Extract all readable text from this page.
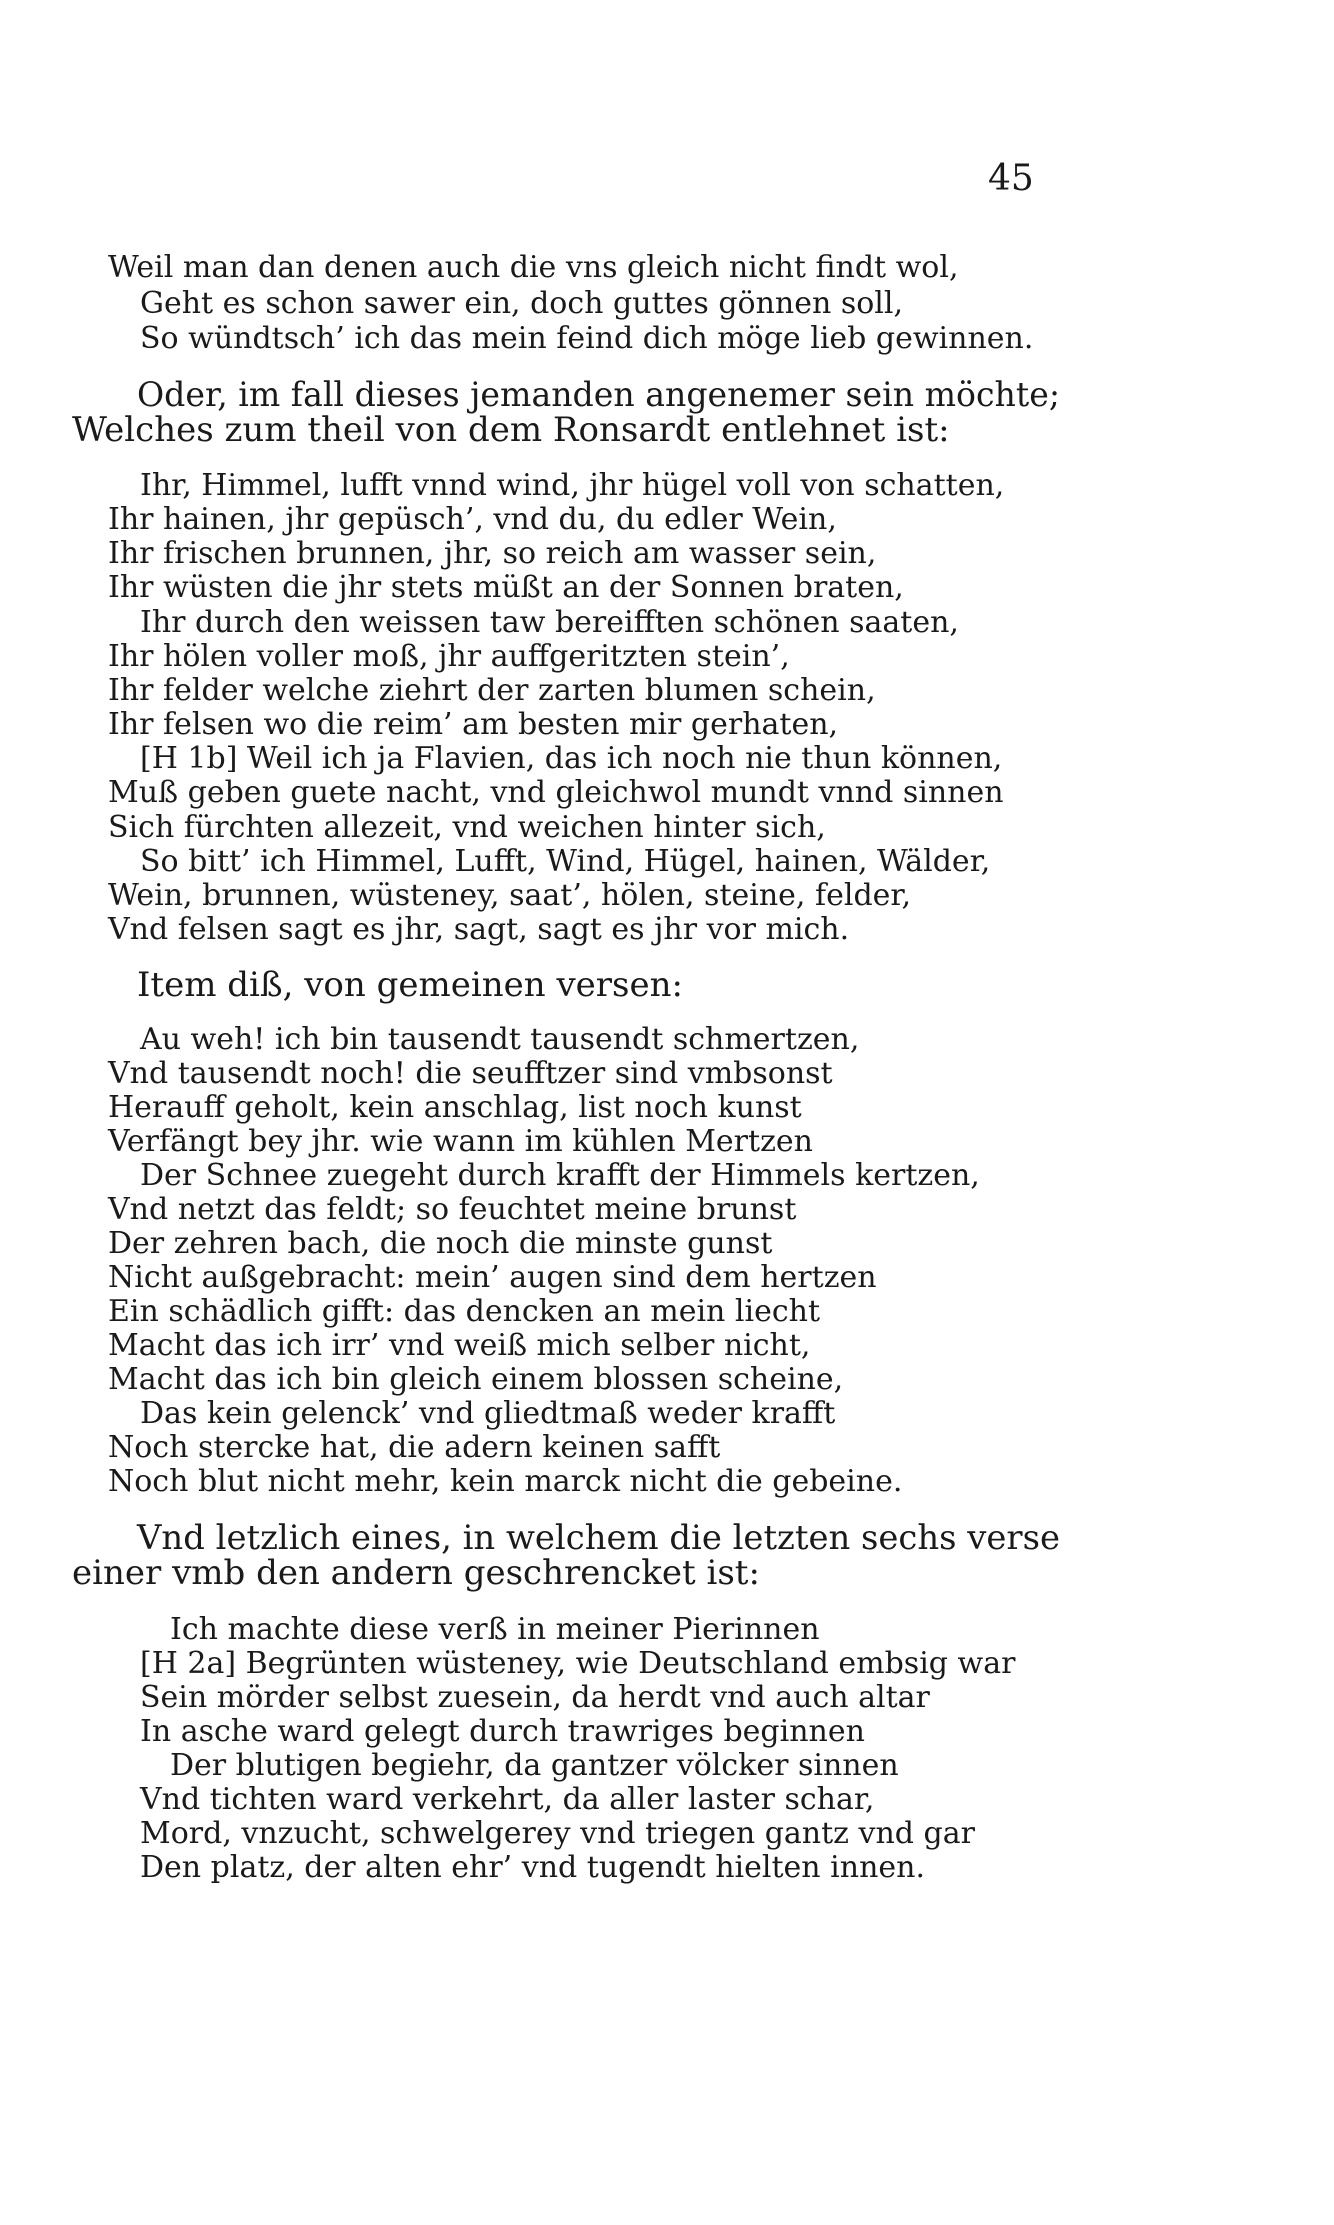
45
Weil man dan denen auch die vns gleich nicht findt wol,
Geht es schon sawer ein, doch guttes gönnen soll,
So wündtsch’ ich das mein feind dich möge lieb gewinnen.
Oder, im fall dieses jemanden angenemer sein möchte;
Welches zum theil von dem Ronsardt entlehnet ist:
Ihr, Himmel, lufft vnnd wind, jhr hügel voll von schatten,
Ihr hainen, jhr gepüsch’, vnd du, du edler Wein,
Ihr frischen brunnen, jhr, so reich am wasser sein,
Ihr wüsten die jhr stets müßt an der Sonnen braten,
Ihr durch den weissen taw bereifften schönen saaten,
Ihr hölen voller moß, jhr auffgeritzten stein’,
Ihr felder welche ziehrt der zarten blumen schein,
Ihr felsen wo die reim’ am besten mir gerhaten,
[H 1b] Weil ich ja Flavien, das ich noch nie thun können,
Muß geben guete nacht, vnd gleichwol mundt vnnd sinnen
Sich fürchten allezeit, vnd weichen hinter sich,
So bitt’ ich Himmel, Lufft, Wind, Hügel, hainen, Wälder,
Wein, brunnen, wüsteney, saat’, hölen, steine, felder,
Vnd felsen sagt es jhr, sagt, sagt es jhr vor mich.
Item diß, von gemeinen versen:
Au weh! ich bin tausendt tausendt schmertzen,
Vnd tausendt noch! die seufftzer sind vmbsonst
Herauff geholt, kein anschlag, list noch kunst
Verfängt bey jhr. wie wann im kühlen Mertzen
Der Schnee zuegeht durch krafft der Himmels kertzen,
Vnd netzt das feldt; so feuchtet meine brunst
Der zehren bach, die noch die minste gunst
Nicht außgebracht: mein’ augen sind dem hertzen
Ein schädlich gifft: das dencken an mein liecht
Macht das ich irr’ vnd weiß mich selber nicht,
Macht das ich bin gleich einem blossen scheine,
Das kein gelenck’ vnd gliedtmaß weder krafft
Noch stercke hat, die adern keinen safft
Noch blut nicht mehr, kein marck nicht die gebeine.
Vnd letzlich eines, in welchem die letzten sechs verse
einer vmb den andern geschrencket ist:
Ich machte diese verß in meiner Pierinnen
[H 2a] Begrünten wüsteney, wie Deutschland embsig war
Sein mörder selbst zuesein, da herdt vnd auch altar
In asche ward gelegt durch trawriges beginnen
Der blutigen begiehr, da gantzer völcker sinnen
Vnd tichten ward verkehrt, da aller laster schar,
Mord, vnzucht, schwelgerey vnd triegen gantz vnd gar
Den platz, der alten ehr’ vnd tugendt hielten innen.
